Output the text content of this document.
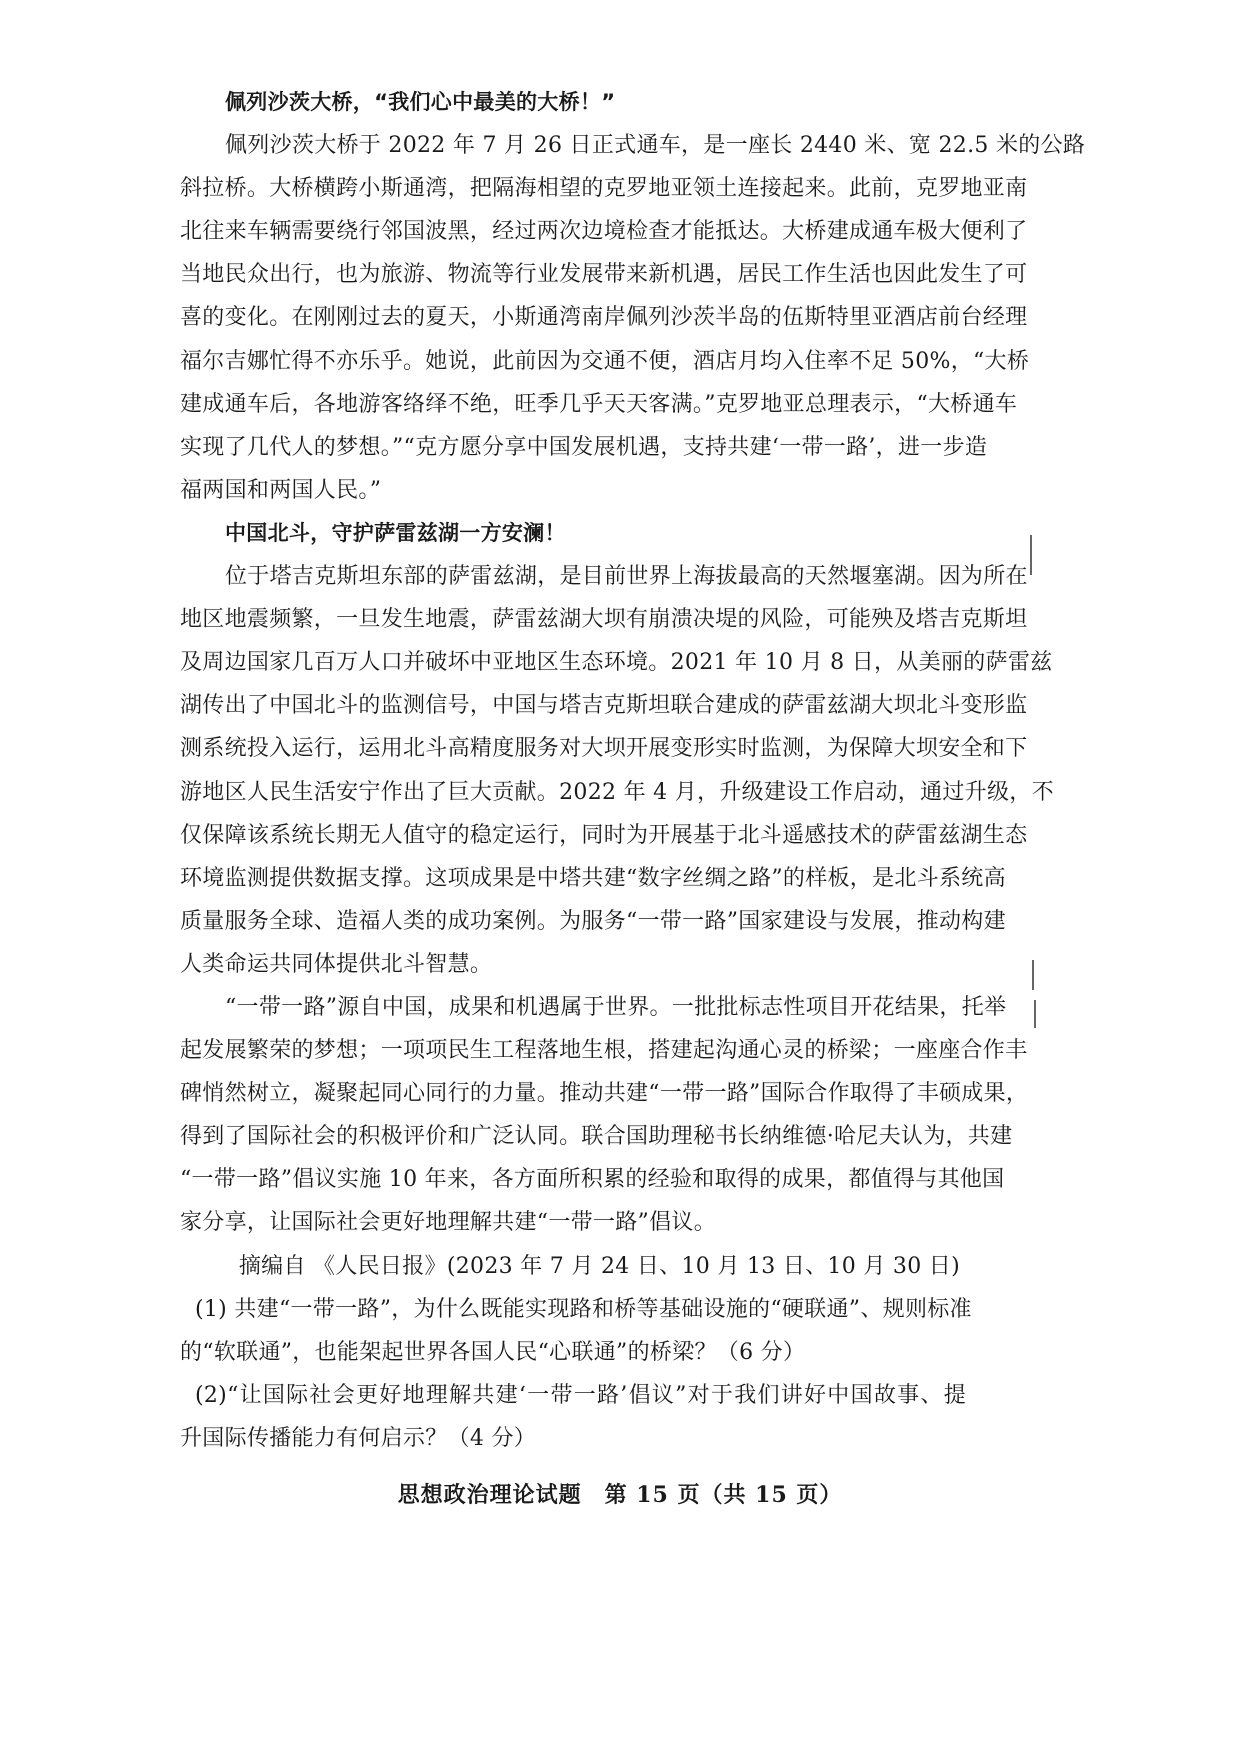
佩列沙茨大桥，“我们心中最美的大桥！”
佩列沙茨大桥于 2022 年 7 月 26 日正式通车，是一座长 2440 米、宽 22.5 米的公路
斜拉桥。大桥横跨小斯通湾，把隔海相望的克罗地亚领土连接起来。此前，克罗地亚南
北往来车辆需要绕行邻国波黑，经过两次边境检查才能抵达。大桥建成通车极大便利了
当地民众出行，也为旅游、物流等行业发展带来新机遇，居民工作生活也因此发生了可
喜的变化。在刚刚过去的夏天，小斯通湾南岸佩列沙茨半岛的伍斯特里亚酒店前台经理
福尔吉娜忙得不亦乐乎。她说，此前因为交通不便，酒店月均入住率不足 50%，“大桥
建成通车后，各地游客络绎不绝，旺季几乎天天客满。”克罗地亚总理表示，“大桥通车
实现了几代人的梦想。”“克方愿分享中国发展机遇，支持共建‘一带一路’，进一步造
福两国和两国人民。”
中国北斗，守护萨雷兹湖一方安澜！
位于塔吉克斯坦东部的萨雷兹湖，是目前世界上海拔最高的天然堰塞湖。因为所在
地区地震频繁，一旦发生地震，萨雷兹湖大坝有崩溃决堤的风险，可能殃及塔吉克斯坦
及周边国家几百万人口并破坏中亚地区生态环境。2021 年 10 月 8 日，从美丽的萨雷兹
湖传出了中国北斗的监测信号，中国与塔吉克斯坦联合建成的萨雷兹湖大坝北斗变形监
测系统投入运行，运用北斗高精度服务对大坝开展变形实时监测，为保障大坝安全和下
游地区人民生活安宁作出了巨大贡献。2022 年 4 月，升级建设工作启动，通过升级，不
仅保障该系统长期无人值守的稳定运行，同时为开展基于北斗遥感技术的萨雷兹湖生态
环境监测提供数据支撑。这项成果是中塔共建“数字丝绸之路”的样板，是北斗系统高
质量服务全球、造福人类的成功案例。为服务“一带一路”国家建设与发展，推动构建
人类命运共同体提供北斗智慧。
“一带一路”源自中国，成果和机遇属于世界。一批批标志性项目开花结果，托举
起发展繁荣的梦想；一项项民生工程落地生根，搭建起沟通心灵的桥梁；一座座合作丰
碑悄然树立，凝聚起同心同行的力量。推动共建“一带一路”国际合作取得了丰硕成果，
得到了国际社会的积极评价和广泛认同。联合国助理秘书长纳维德·哈尼夫认为，共建
“一带一路”倡议实施 10 年来，各方面所积累的经验和取得的成果，都值得与其他国
家分享，让国际社会更好地理解共建“一带一路”倡议。
摘编自 《人民日报》(2023 年 7 月 24 日、10 月 13 日、10 月 30 日)
(1) 共建“一带一路”，为什么既能实现路和桥等基础设施的“硬联通”、规则标准
的“软联通”，也能架起世界各国人民“心联通”的桥梁？（6 分）
(2)“让国际社会更好地理解共建‘一带一路’倡议”对于我们讲好中国故事、提
升国际传播能力有何启示？（4 分）
思想政治理论试题　第 15 页（共 15 页）
